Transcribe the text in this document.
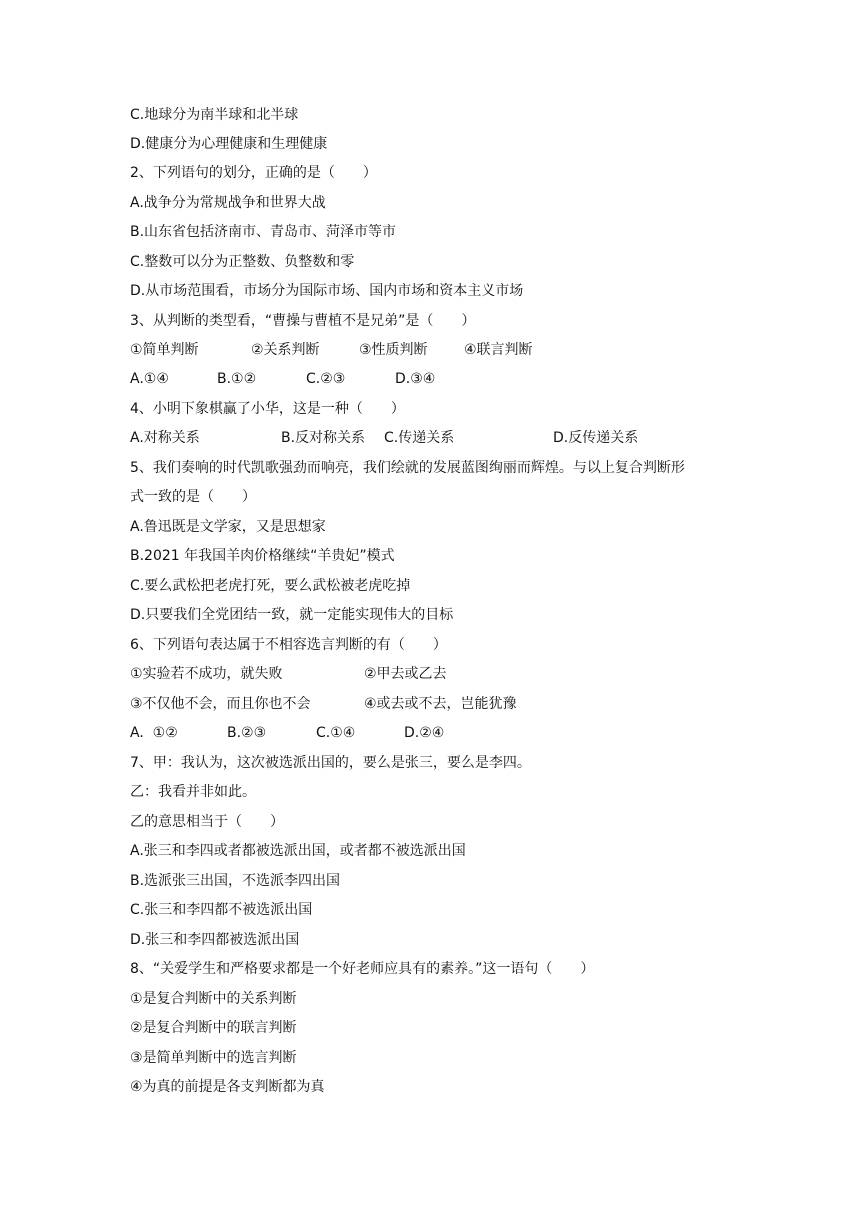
C.地球分为南半球和北半球
D.健康分为心理健康和生理健康
2、下列语句的划分，正确的是（　　）
A.战争分为常规战争和世界大战
B.山东省包括济南市、青岛市、菏泽市等市
C.整数可以分为正整数、负整数和零
D.从市场范围看，市场分为国际市场、国内市场和资本主义市场
3、从判断的类型看，“曹操与曹植不是兄弟”是（　　）
①简单判断	②关系判断	③性质判断	④联言判断
A.①④	B.①②	C.②③	D.③④
4、小明下象棋赢了小华，这是一种（　　）
A.对称关系	B.反对称关系 C.传递关系	D.反传递关系
5、我们奏响的时代凯歌强劲而响亮，我们绘就的发展蓝图绚丽而辉煌。与以上复合判断形
式一致的是（　　）
A.鲁迅既是文学家，又是思想家
B.2021 年我国羊肉价格继续“羊贵妃”模式
C.要么武松把老虎打死，要么武松被老虎吃掉
D.只要我们全党团结一致，就一定能实现伟大的目标
6、下列语句表达属于不相容选言判断的有（　　）
①实验若不成功，就失败	②甲去或乙去
③不仅他不会，而且你也不会	④或去或不去，岂能犹豫
A.  ①②	B.②③	C.①④	D.②④
7、甲：我认为，这次被选派出国的，要么是张三，要么是李四。
乙：我看并非如此。
乙的意思相当于（　　）
A.张三和李四或者都被选派出国，或者都不被选派出国
B.选派张三出国，不选派李四出国
C.张三和李四都不被选派出国
D.张三和李四都被选派出国
8、“关爱学生和严格要求都是一个好老师应具有的素养。”这一语句（　　）
①是复合判断中的关系判断
②是复合判断中的联言判断
③是简单判断中的选言判断
④为真的前提是各支判断都为真
